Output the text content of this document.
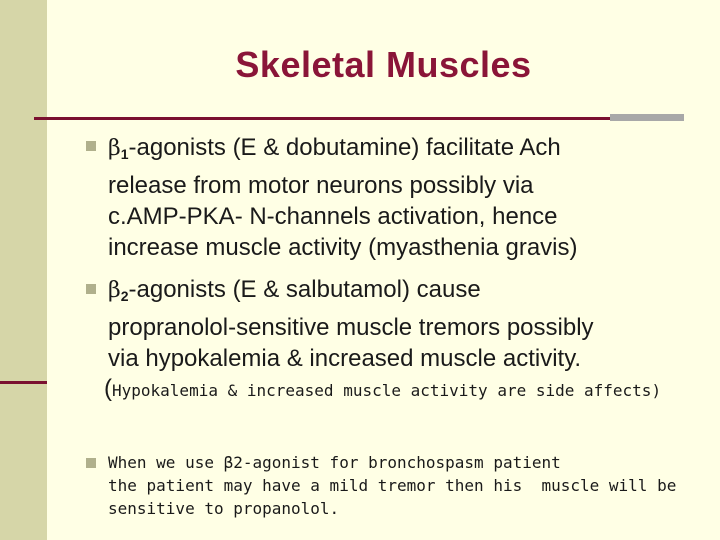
Skeletal Muscles
$\beta_1$-agonists (E & dobutamine) facilitate Ach
release from motor neurons possibly via
c.AMP-PKA- N-channels activation, hence
increase muscle activity (myasthenia gravis)
$\beta_2$-agonists (E & salbutamol) cause
propranolol-sensitive muscle tremors possibly
via hypokalemia & increased muscle activity.
(Hypokalemia & increased muscle activity are side affects)
When we use β2-agonist for bronchospasm patient
the patient may have a mild tremor then his  muscle will be
sensitive to propanolol.
